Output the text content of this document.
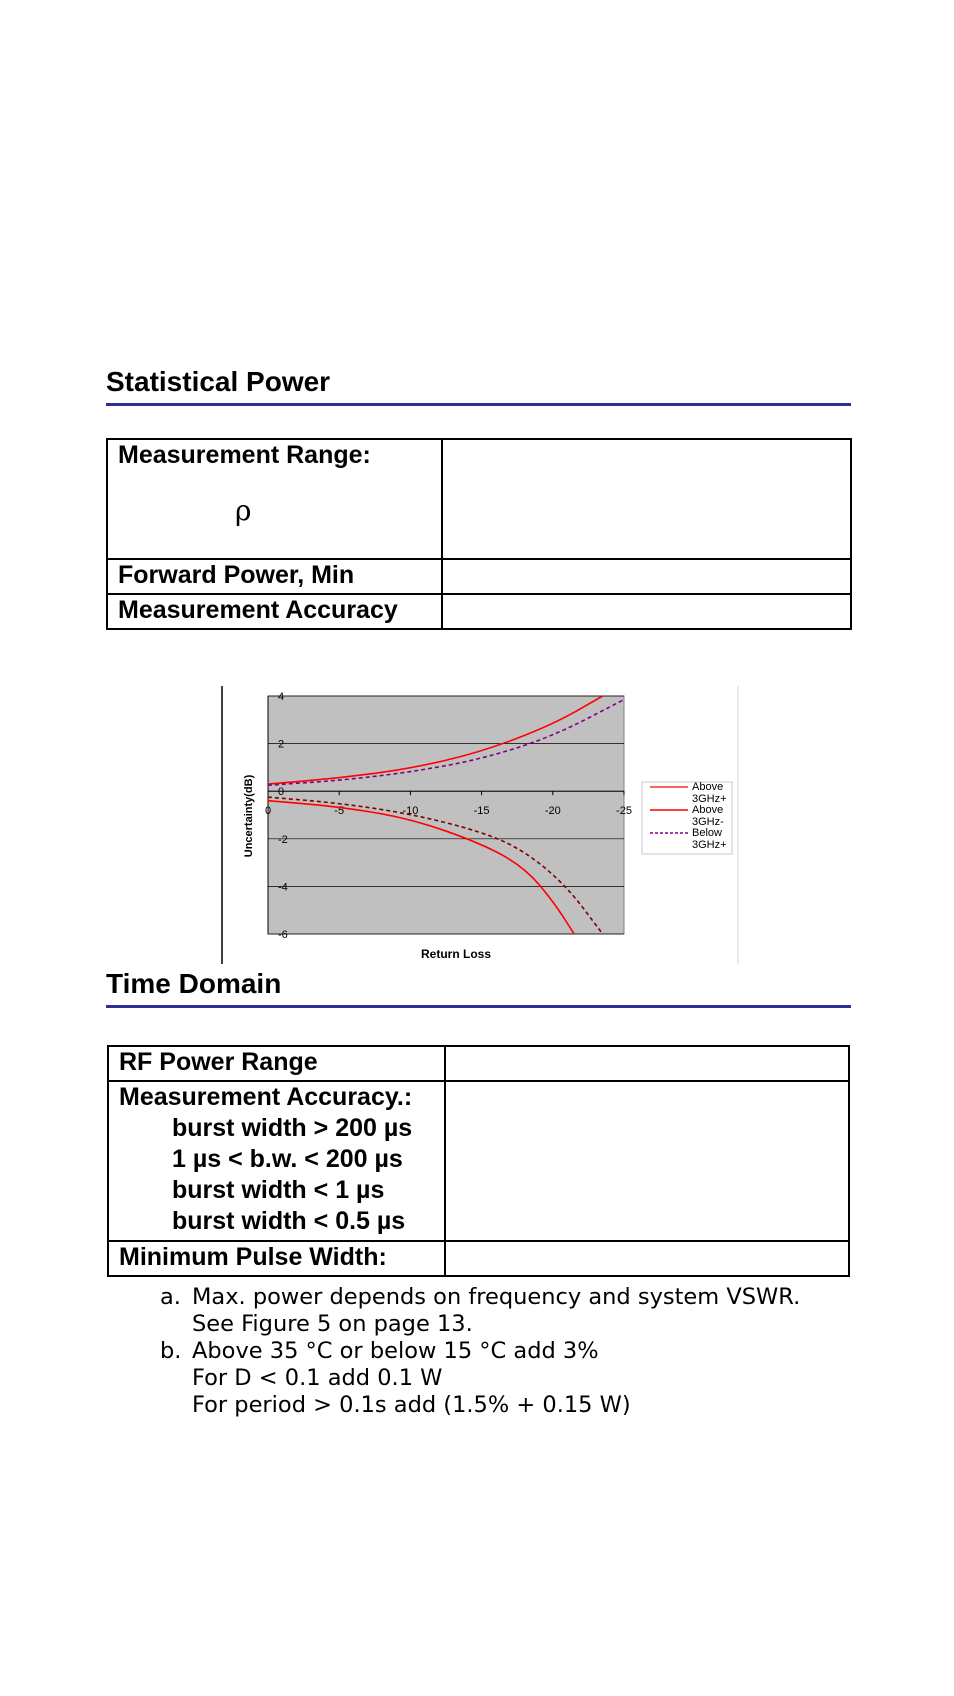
Statistical Power
Measurement Range:
ρ	

Forward Power, Min	
Measurement Accuracy	
4
2
0
-2
-4
-6
0	-5	-10	-15	-20	-25
Uncertainty(dB)
Return Loss
Above
3GHz+
Above
3GHz-
Below
3GHz+
Time Domain
RF Power Range	
Measurement Accuracy.:
burst width > 200 µs
1 µs < b.w. < 200 µs
burst width < 1 µs
burst width < 0.5 µs	

Minimum Pulse Width:	
a. Max. power depends on frequency and system VSWR.
See Figure 5 on page 13.
b. Above 35 °C or below 15 °C add 3%
For D < 0.1 add 0.1 W
For period > 0.1s add (1.5% + 0.15 W)
